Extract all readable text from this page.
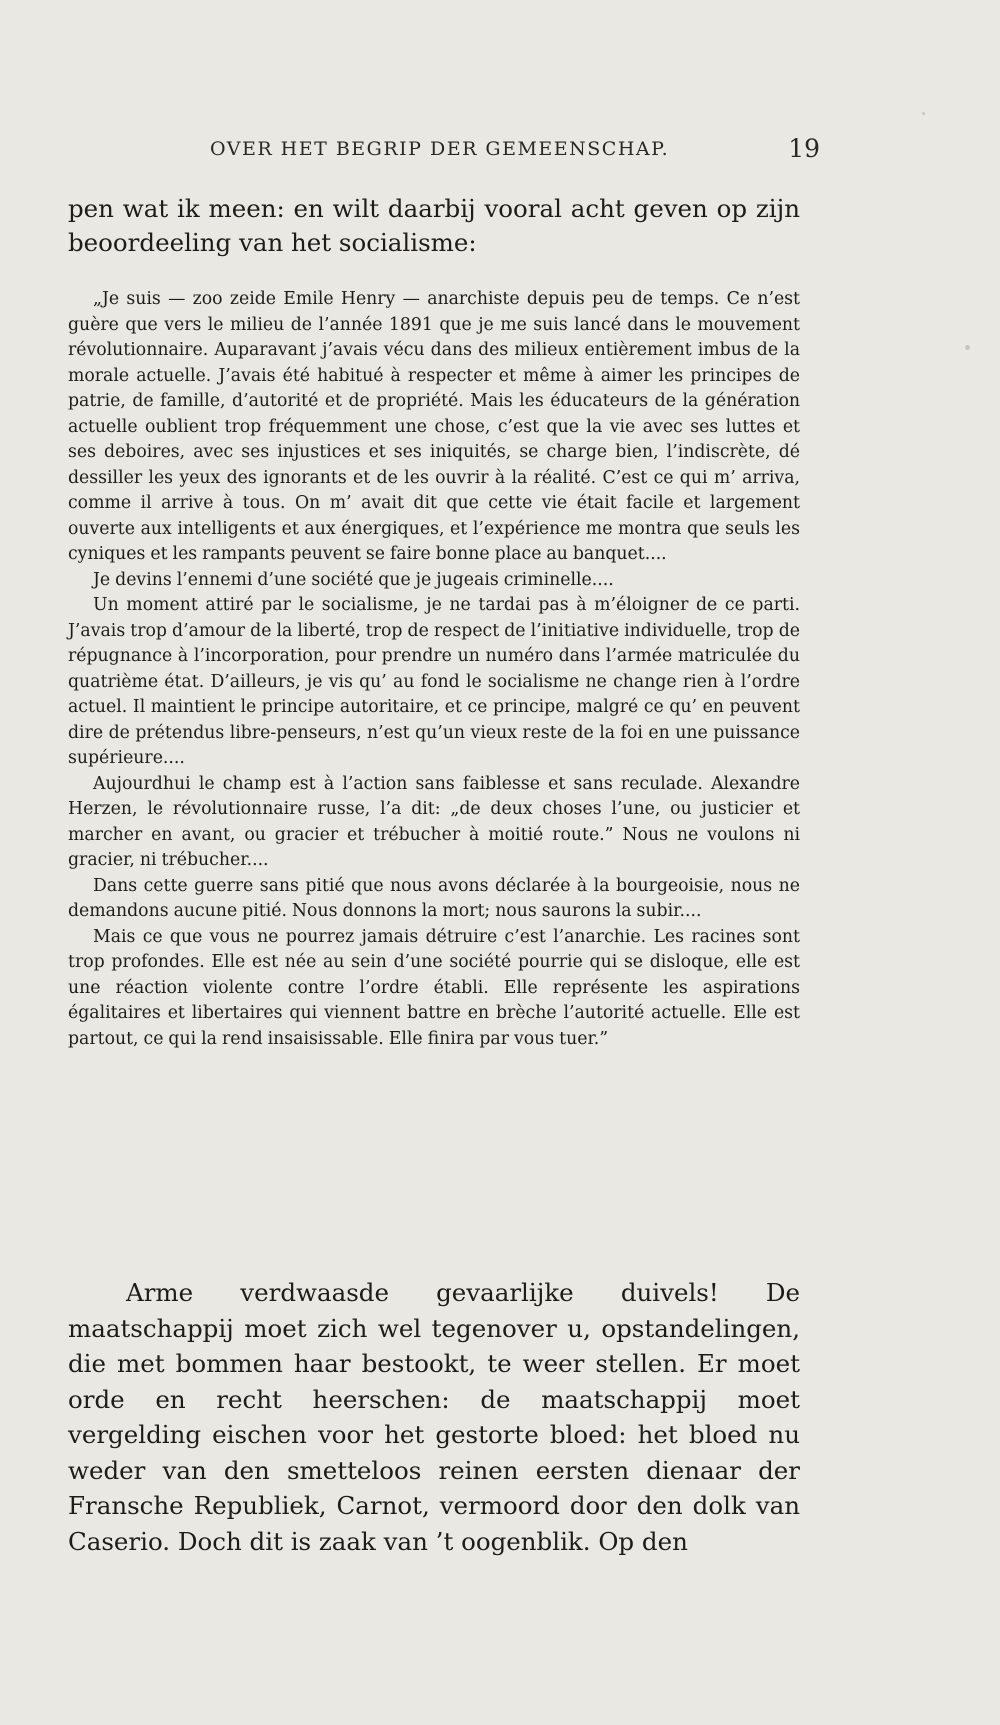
OVER HET BEGRIP DER GEMEENSCHAP.	19

pen wat ik meen: en wilt daarbij vooral acht geven op zijn beoordeeling van het socialisme:

„Je suis — zoo zeide Emile Henry — anarchiste depuis peu de temps. Ce n’est guère que vers le milieu de l’année 1891 que je me suis lancé dans le mouvement révolutionnaire. Auparavant j’avais vécu dans des milieux entièrement imbus de la morale actuelle. J’avais été habitué à respecter et même à aimer les principes de patrie, de famille, d’autorité et de propriété. Mais les éducateurs de la génération actuelle oublient trop fréquemment une chose, c’est que la vie avec ses luttes et ses deboires, avec ses injustices et ses iniquités, se charge bien, l’indiscrète, dé dessiller les yeux des ignorants et de les ouvrir à la réalité. C’est ce qui m’ arriva, comme il arrive à tous. On m’ avait dit que cette vie était facile et largement ouverte aux intelligents et aux énergiques, et l’expérience me montra que seuls les cyniques et les rampants peuvent se faire bonne place au banquet....

Je devins l’ennemi d’une société que je jugeais criminelle....

Un moment attiré par le socialisme, je ne tardai pas à m’éloigner de ce parti. J’avais trop d’amour de la liberté, trop de respect de l’initiative individuelle, trop de répugnance à l’incorporation, pour prendre un numéro dans l’armée matriculée du quatrième état. D’ailleurs, je vis qu’ au fond le socialisme ne change rien à l’ordre actuel. Il maintient le principe autoritaire, et ce principe, malgré ce qu’ en peuvent dire de prétendus libre-penseurs, n’est qu’un vieux reste de la foi en une puissance supérieure....

Aujourdhui le champ est à l’action sans faiblesse et sans reculade. Alexandre Herzen, le révolutionnaire russe, l’a dit: „de deux choses l’une, ou justicier et marcher en avant, ou gracier et trébucher à moitié route.” Nous ne voulons ni gracier, ni trébucher....

Dans cette guerre sans pitié que nous avons déclarée à la bourgeoisie, nous ne demandons aucune pitié. Nous donnons la mort; nous saurons la subir....

Mais ce que vous ne pourrez jamais détruire c’est l’anarchie. Les racines sont trop profondes. Elle est née au sein d’une société pourrie qui se disloque, elle est une réaction violente contre l’ordre établi. Elle représente les aspirations égalitaires et libertaires qui viennent battre en brèche l’autorité actuelle. Elle est partout, ce qui la rend insaisissable. Elle finira par vous tuer.”

Arme verdwaasde gevaarlijke duivels! De maatschappij moet zich wel tegenover u, opstandelingen, die met bommen haar bestookt, te weer stellen. Er moet orde en recht heerschen: de maatschappij moet vergelding eischen voor het gestorte bloed: het bloed nu weder van den smetteloos reinen eersten dienaar der Fransche Republiek, Carnot, vermoord door den dolk van Caserio. Doch dit is zaak van ’t oogenblik. Op den
